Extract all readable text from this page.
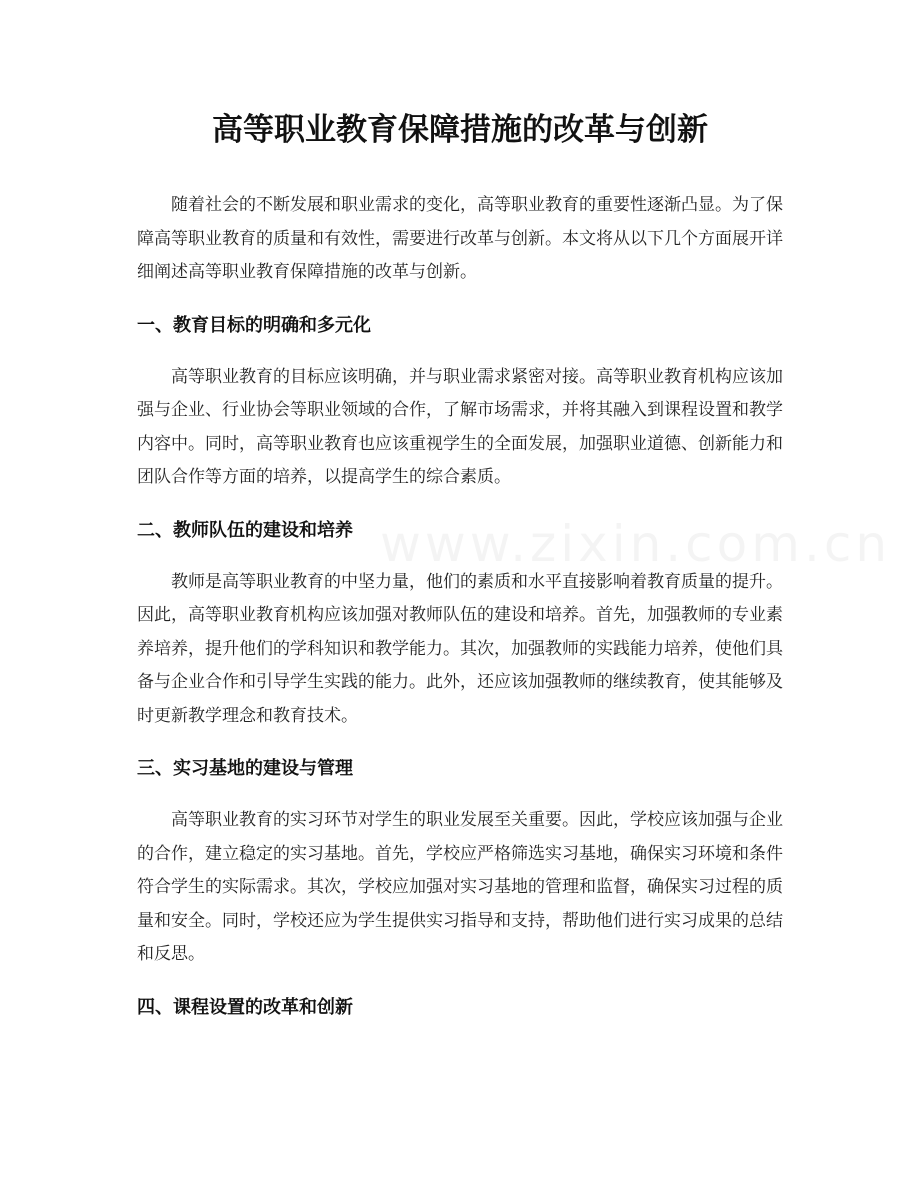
高等职业教育保障措施的改革与创新

随着社会的不断发展和职业需求的变化，高等职业教育的重要性逐渐凸显。为了保障高等职业教育的质量和有效性，需要进行改革与创新。本文将从以下几个方面展开详细阐述高等职业教育保障措施的改革与创新。

一、教育目标的明确和多元化

高等职业教育的目标应该明确，并与职业需求紧密对接。高等职业教育机构应该加强与企业、行业协会等职业领域的合作，了解市场需求，并将其融入到课程设置和教学内容中。同时，高等职业教育也应该重视学生的全面发展，加强职业道德、创新能力和团队合作等方面的培养，以提高学生的综合素质。

二、教师队伍的建设和培养

教师是高等职业教育的中坚力量，他们的素质和水平直接影响着教育质量的提升。因此，高等职业教育机构应该加强对教师队伍的建设和培养。首先，加强教师的专业素养培养，提升他们的学科知识和教学能力。其次，加强教师的实践能力培养，使他们具备与企业合作和引导学生实践的能力。此外，还应该加强教师的继续教育，使其能够及时更新教学理念和教育技术。

三、实习基地的建设与管理

高等职业教育的实习环节对学生的职业发展至关重要。因此，学校应该加强与企业的合作，建立稳定的实习基地。首先，学校应严格筛选实习基地，确保实习环境和条件符合学生的实际需求。其次，学校应加强对实习基地的管理和监督，确保实习过程的质量和安全。同时，学校还应为学生提供实习指导和支持，帮助他们进行实习成果的总结和反思。

四、课程设置的改革和创新
